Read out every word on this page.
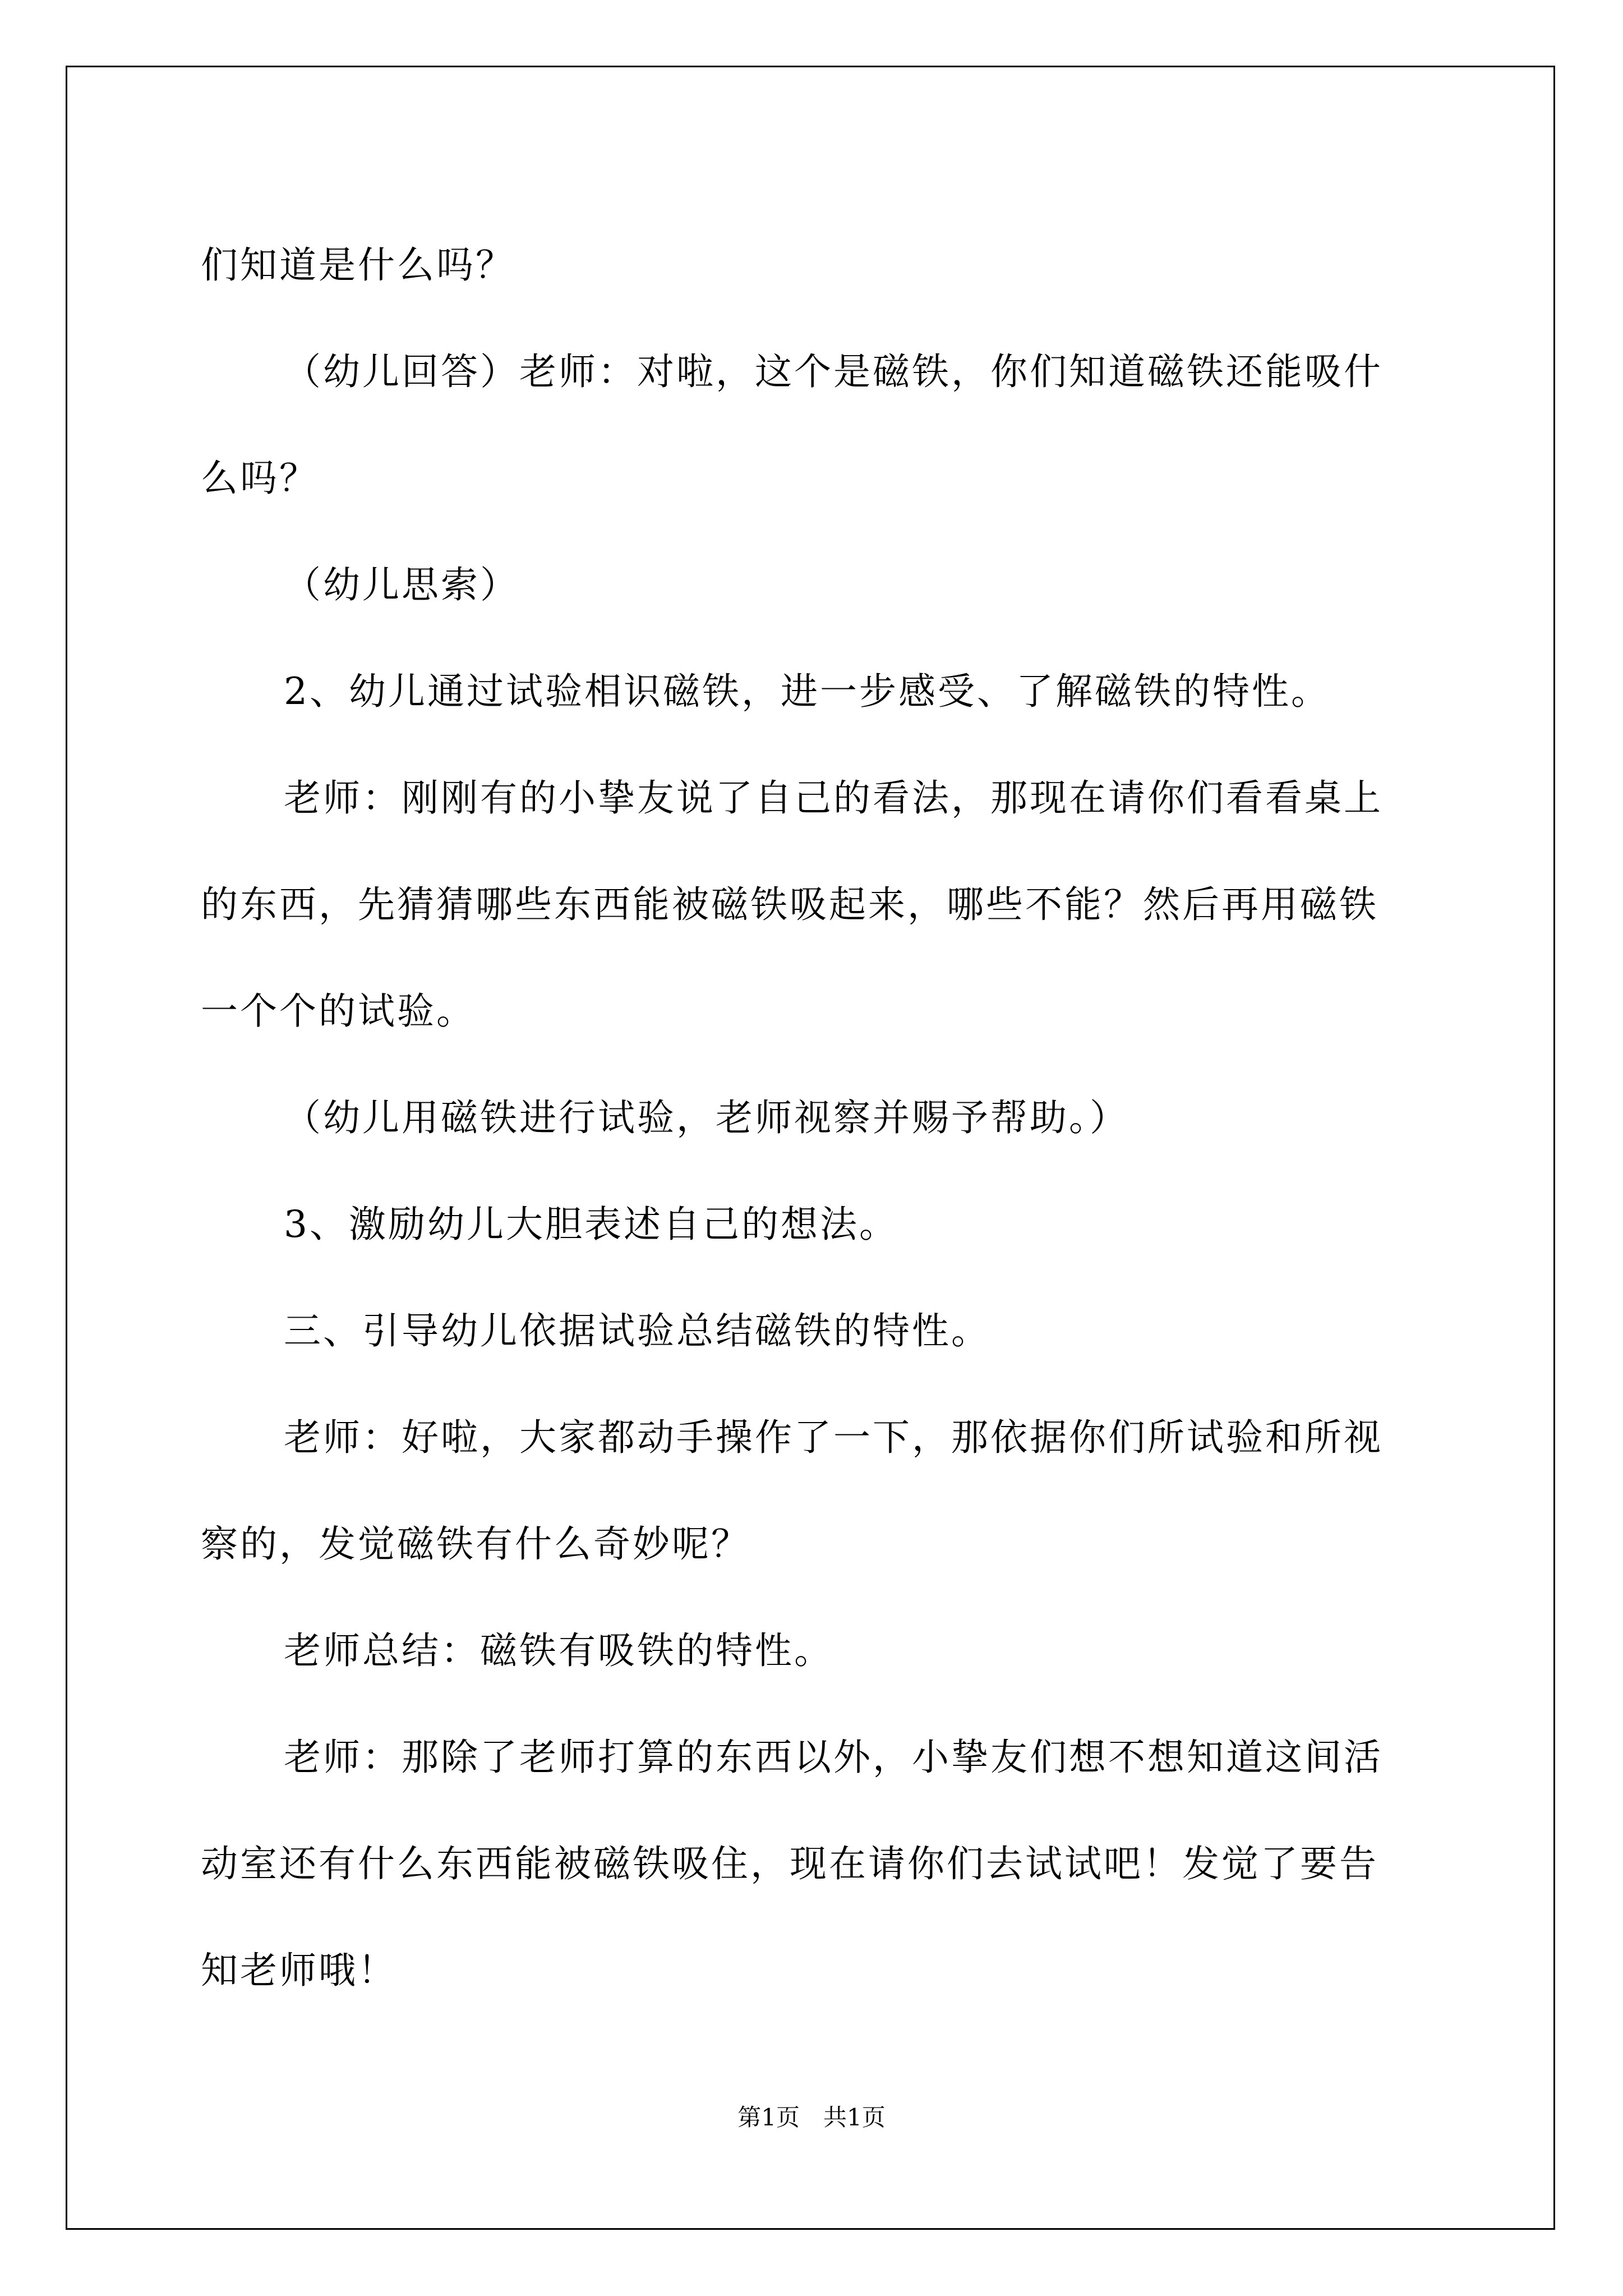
们知道是什么吗？

（幼儿回答）老师：对啦，这个是磁铁，你们知道磁铁还能吸什

么吗？

（幼儿思索）

2、幼儿通过试验相识磁铁，进一步感受、了解磁铁的特性。

老师：刚刚有的小挚友说了自己的看法，那现在请你们看看桌上

的东西，先猜猜哪些东西能被磁铁吸起来，哪些不能？然后再用磁铁

一个个的试验。

（幼儿用磁铁进行试验，老师视察并赐予帮助。）

3、激励幼儿大胆表述自己的想法。

三、引导幼儿依据试验总结磁铁的特性。

老师：好啦，大家都动手操作了一下，那依据你们所试验和所视

察的，发觉磁铁有什么奇妙呢？

老师总结：磁铁有吸铁的特性。

老师：那除了老师打算的东西以外，小挚友们想不想知道这间活

动室还有什么东西能被磁铁吸住，现在请你们去试试吧！发觉了要告

知老师哦！

第1页　共1页
